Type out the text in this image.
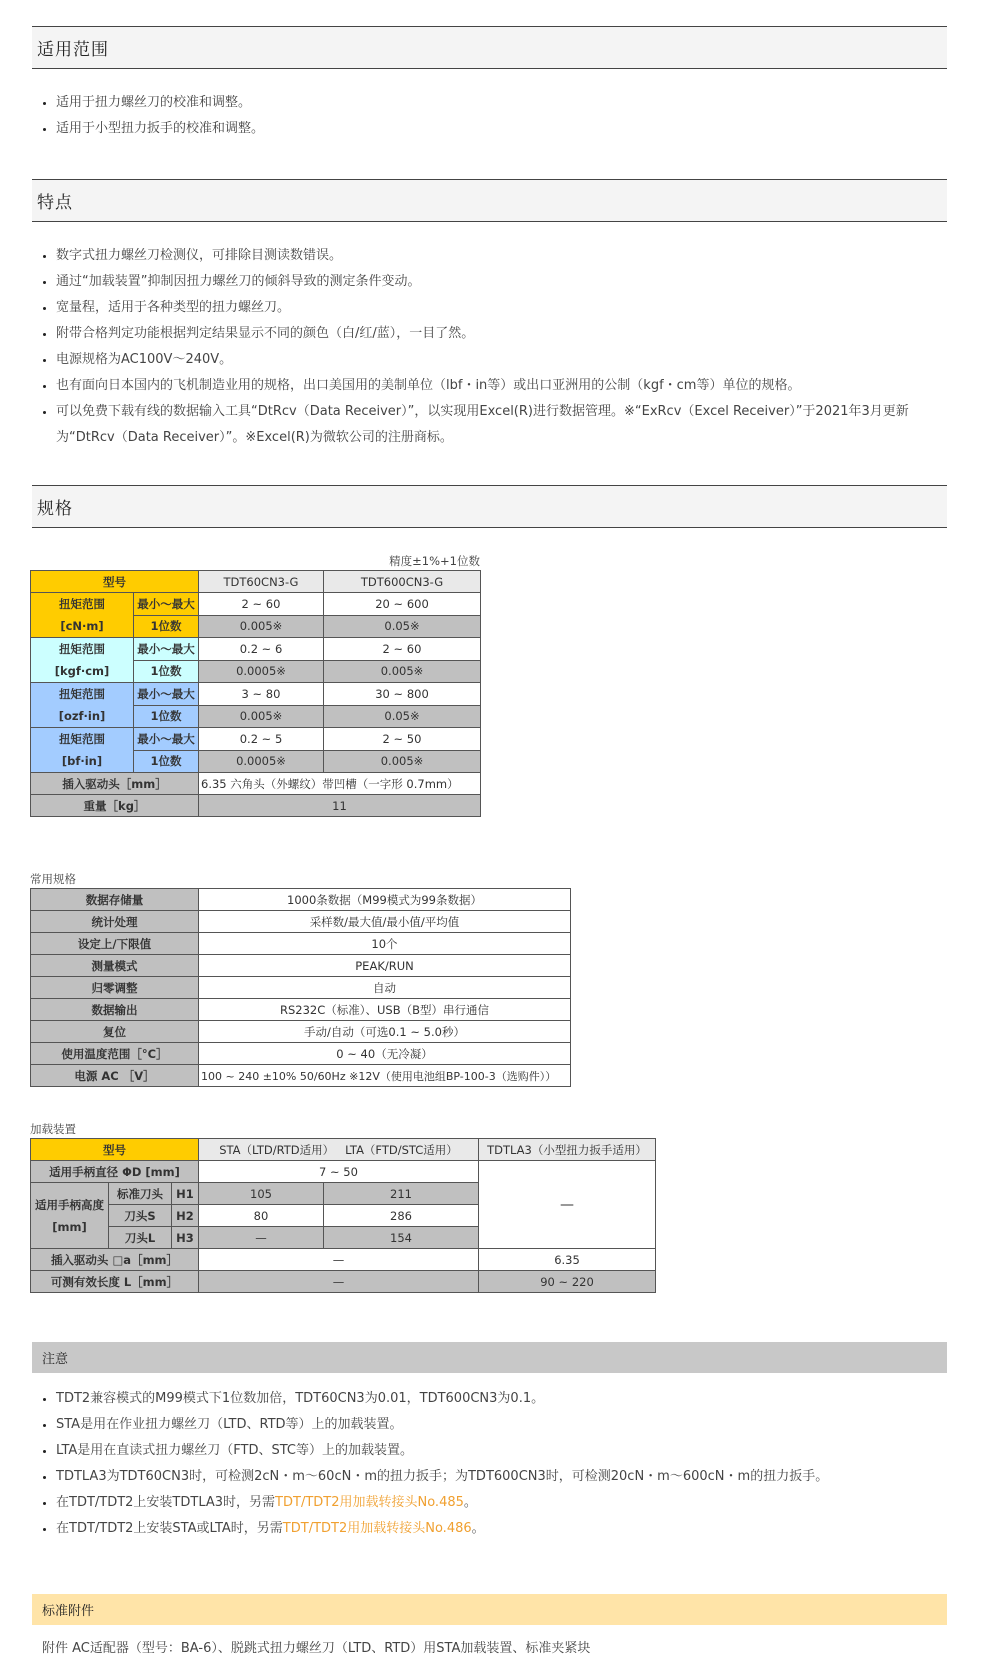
适用范围
• 适用于扭力螺丝刀的校准和调整。
• 适用于小型扭力扳手的校准和调整。
特点
• 数字式扭力螺丝刀检测仪，可排除目测读数错误。
• 通过“加载装置”抑制因扭力螺丝刀的倾斜导致的测定条件变动。
• 宽量程，适用于各种类型的扭力螺丝刀。
• 附带合格判定功能根据判定结果显示不同的颜色（白/红/蓝），一目了然。
• 电源规格为AC100V〜240V。
• 也有面向日本国内的飞机制造业用的规格，出口美国用的美制单位（lbf・in等）或出口亚洲用的公制（kgf・cm等）单位的规格。
• 可以免费下载有线的数据输入工具“DtRcv（Data Receiver）”，以实现用Excel(R)进行数据管理。※“ExRcv（Excel Receiver）”于2021年3月更新为“DtRcv（Data Receiver）”。※Excel(R)为微软公司的注册商标。
规格
精度±1%+1位数
型号		TDT60CN3-G	TDT600CN3-G

扭矩范围
[cN·m]	最小～最大	2 ~ 60	20 ~ 600
	1位数	0.005※	0.05※

扭矩范围
[kgf·cm]	最小～最大	0.2 ~ 6	2 ~ 60
	1位数	0.0005※	0.005※

扭矩范围
[ozf·in]	最小～最大	3 ~ 80	30 ~ 800
	1位数	0.005※	0.05※

扭矩范围
[bf·in]	最小～最大	0.2 ~ 5	2 ~ 50
	1位数	0.0005※	0.005※
插入驱动头［mm］		6.35 六角头（外螺纹）带凹槽（一字形 0.7mm）	
重量［kg］		11	
常用规格
数据存储量	1000条数据（M99模式为99条数据）
统计处理	采样数/最大值/最小值/平均值
设定上/下限值	10个
测量模式	PEAK/RUN
归零调整	自动
数据输出	RS232C（标准）、USB（B型）串行通信
复位	手动/自动（可选0.1 ~ 5.0秒）
使用温度范围［°C］	0 ~ 40（无冷凝）
电源 AC ［V］	100 ~ 240 ±10% 50/60Hz ※12V（使用电池组BP-100-3（选购件））
加载装置
型号			STA（LTD/RTD适用） LTA（FTD/STC适用）		TDTLA3（小型扭力扳手适用）
适用手柄直径 ΦD [mm]			7 ~ 50		—

适用手柄高度
[mm]	标准刀头	H1	105	211	
	刀头S	H2	80	286	
	刀头L	H3	—	154	
插入驱动头 □a［mm］			—		6.35
可测有效长度 L［mm］			—		90 ~ 220
注意
• TDT2兼容模式的M99模式下1位数加倍，TDT60CN3为0.01，TDT600CN3为0.1。
• STA是用在作业扭力螺丝刀（LTD、RTD等）上的加载装置。
• LTA是用在直读式扭力螺丝刀（FTD、STC等）上的加载装置。
• TDTLA3为TDT60CN3时，可检测2cN・m〜60cN・m的扭力扳手；为TDT600CN3时，可检测20cN・m〜600cN・m的扭力扳手。
• 在TDT/TDT2上安装TDTLA3时，另需TDT/TDT2用加载转接头No.485。
• 在TDT/TDT2上安装STA或LTA时，另需TDT/TDT2用加载转接头No.486。
标准附件
附件 AC适配器（型号：BA-6）、脱跳式扭力螺丝刀（LTD、RTD）用STA加载装置、标准夹紧块
